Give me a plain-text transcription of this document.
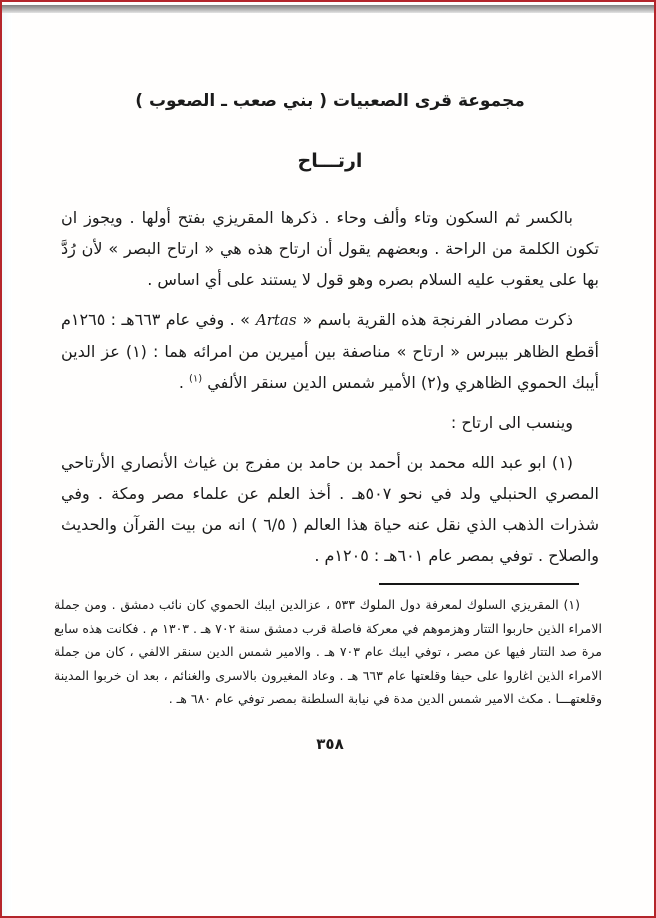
مجموعة قرى الصعبيات ( بني صعب ـ الصعوب )
ارتـــاح

بالكسر ثم السكون وتاء وألف وحاء . ذكرها المقريزي بفتح أولها . ويجوز ان تكون الكلمة من الراحة . وبعضهم يقول أن ارتاح هذه هي « ارتاح البصر » لأن رُدَّ بها على يعقوب عليه السلام بصره وهو قول لا يستند على أي اساس .

ذكرت مصادر الفرنجة هذه القرية باسم «Artas» . وفي عام ٦٦٣هـ : ١٢٦٥م أقطع الظاهر بيبرس « ارتاح » مناصفة بين أميرين من امرائه هما : (١) عز الدين أيبك الحموي الظاهري و(٢) الأمير شمس الدين سنقر الألفي $^{(١)}$ .

وينسب الى ارتاح :

(١) ابو عبد الله محمد بن أحمد بن حامد بن مفرج بن غياث الأنصاري الأرتاحي المصري الحنبلي ولد في نحو ٥٠٧هـ . أخذ العلم عن علماء مصر ومكة . وفي شذرات الذهب الذي نقل عنه حياة هذا العالم ( ٦/٥ ) انه من بيت القرآن والحديث والصلاح . توفي بمصر عام ٦٠١هـ : ١٢٠٥م .

(١) المقريزي السلوك لمعرفة دول الملوك ٥٣٣ ، عزالدين ايبك الحموي كان نائب دمشق . ومن جملة الامراء الذين حاربوا التتار وهزموهم في معركة فاصلة قرب دمشق سنة ٧٠٢ هـ . ١٣٠٣ م . فكانت هذه سابع مرة صد التتار فيها عن مصر ، توفي ايبك عام ٧٠٣ هـ . والامير شمس الدين سنقر الالفي ، كان من جملة الامراء الذين اغاروا على حيفا وقلعتها عام ٦٦٣ هـ . وعاد المغيرون بالاسرى والغنائم ، بعد ان خربوا المدينة وقلعتهـــا . مكث الامير شمس الدين مدة في نيابة السلطنة بمصر توفي عام ٦٨٠ هـ .

٣٥٨
